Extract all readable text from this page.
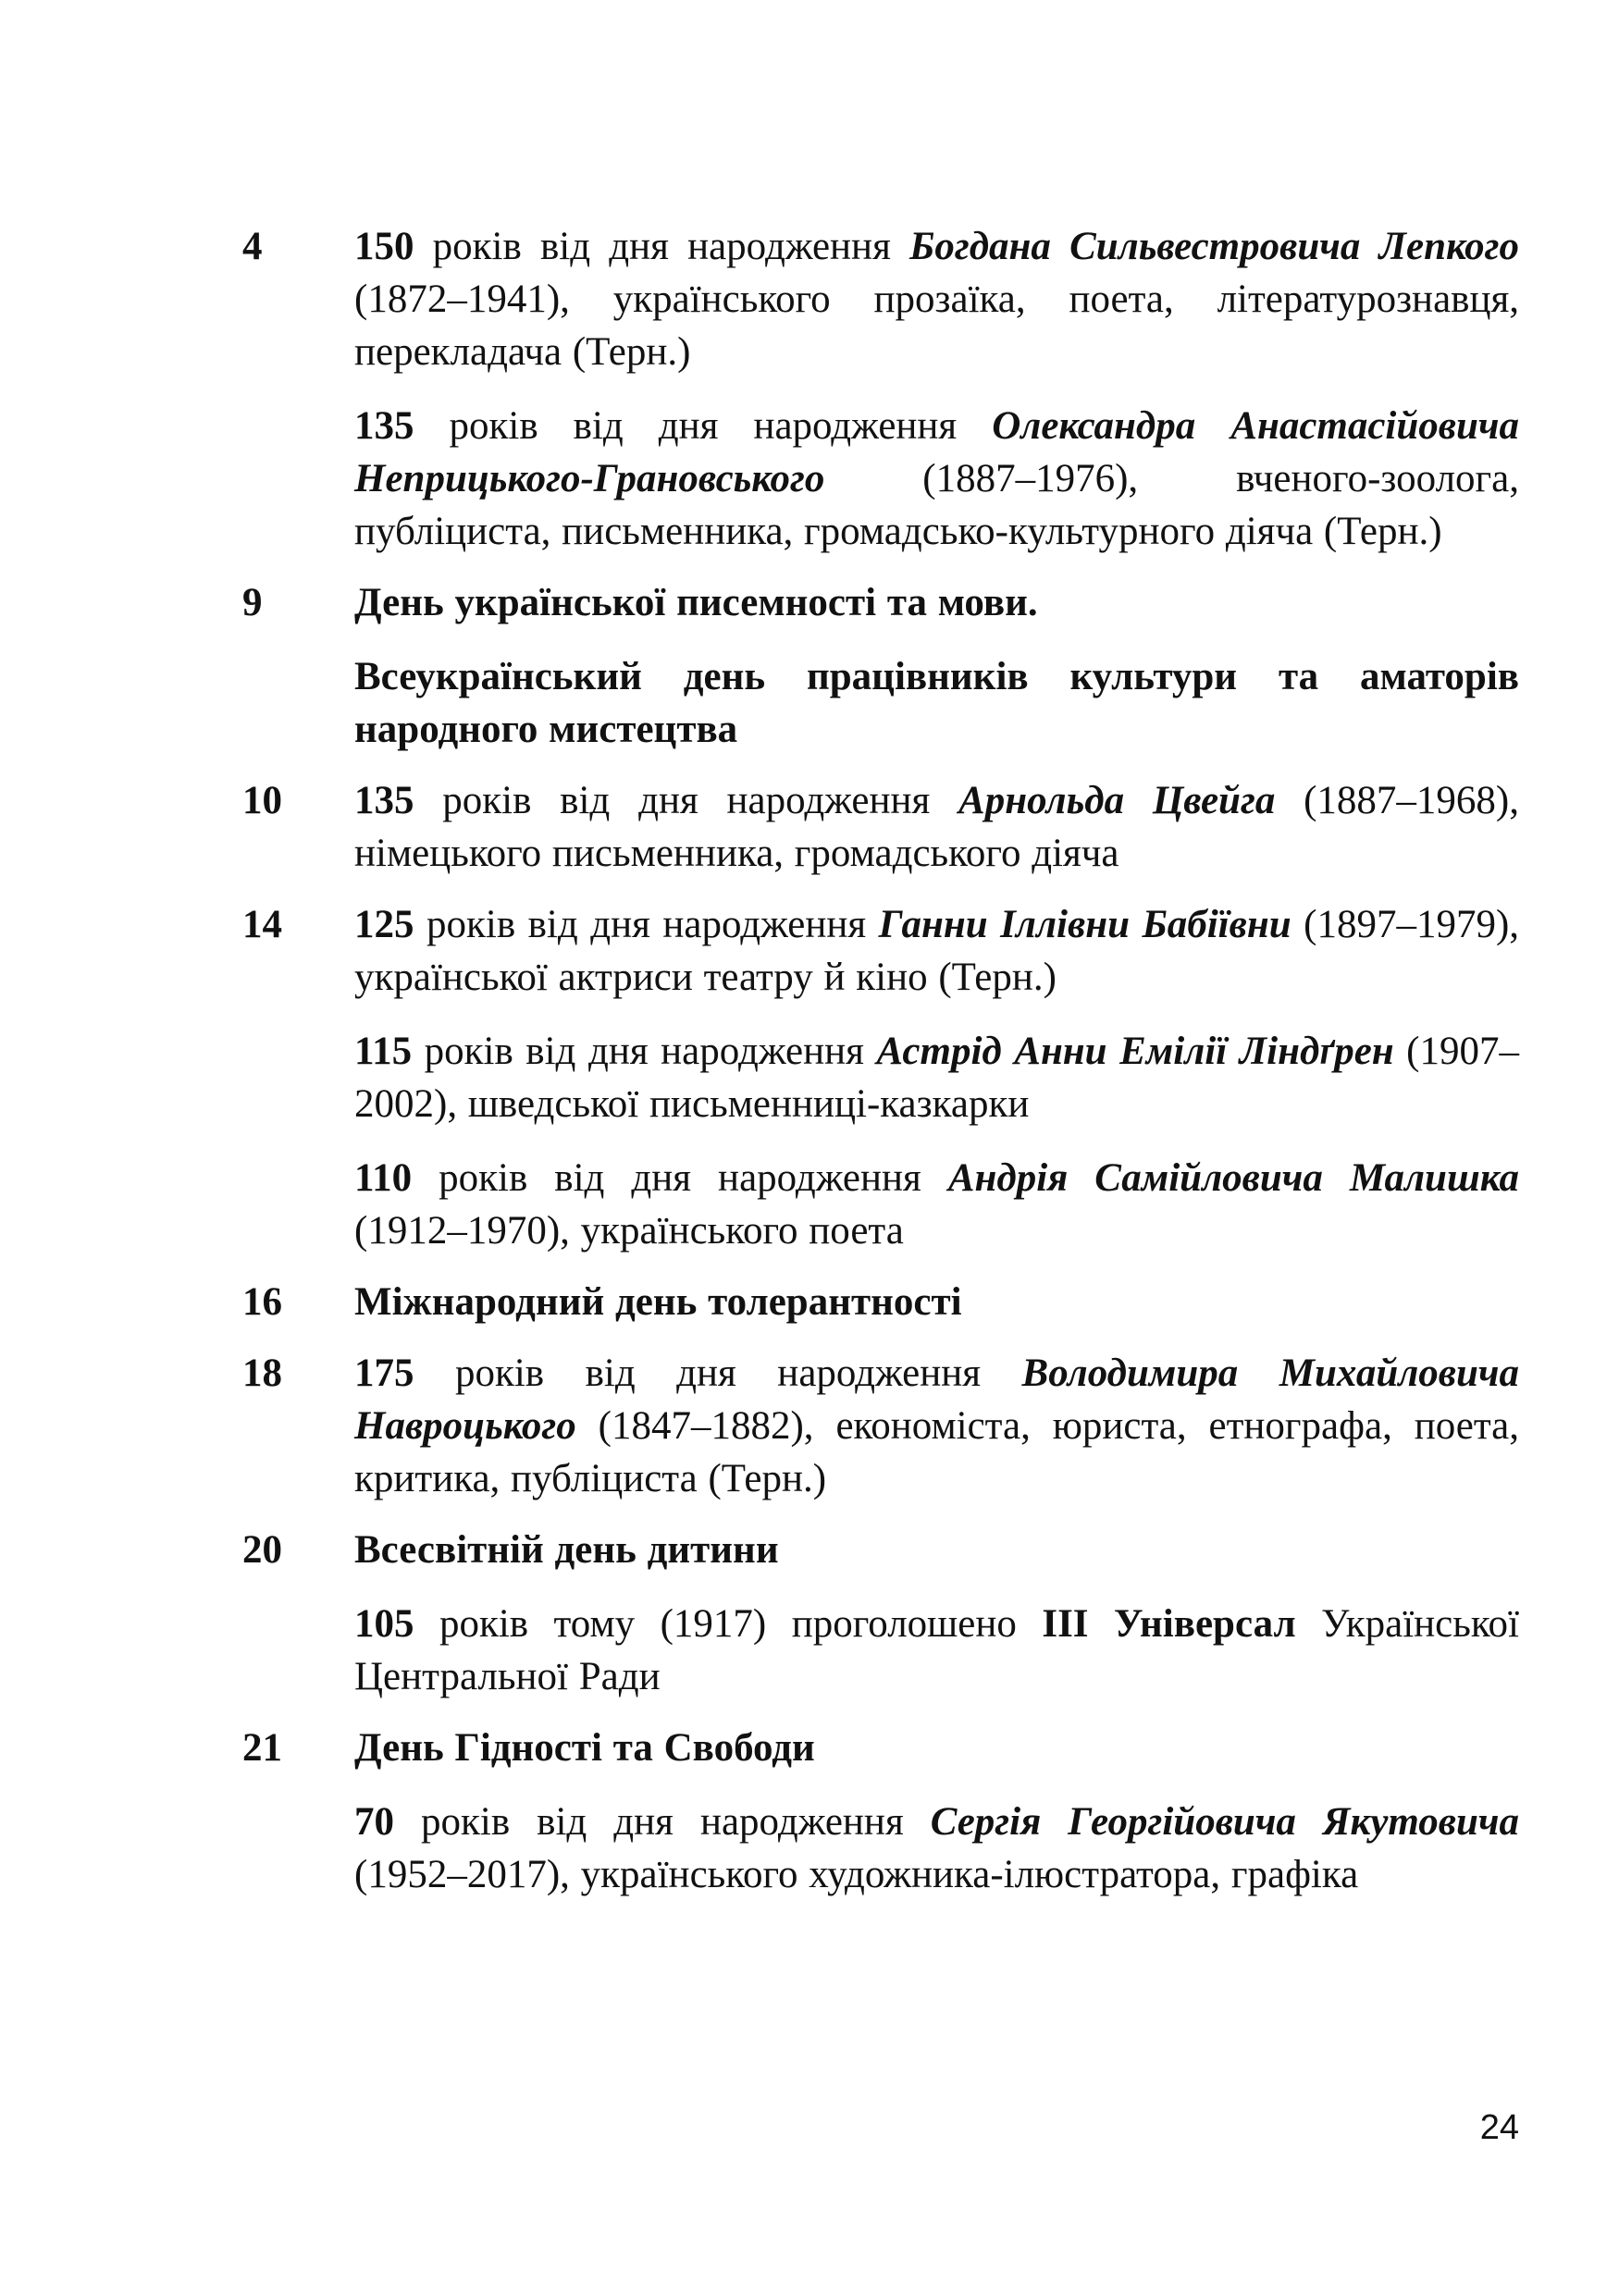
4	150 років від дня народження Богдана Сильвестровича Лепкого (1872–1941), українського прозаїка, поета, літературознавця, перекладача (Терн.)

135 років від дня народження Олександра Анастасійовича Неприцького-Грановського (1887–1976), вченого-зоолога, публіциста, письменника, громадсько-культурного діяча (Терн.)

9	День української писемності та мови.

Всеукраїнський день працівників культури та аматорів народного мистецтва

10	135 років від дня народження Арнольда Цвейга (1887–1968), німецького письменника, громадського діяча

14	125 років від дня народження Ганни Іллівни Бабіївни (1897–1979), української актриси театру й кіно (Терн.)

115 років від дня народження Астрід Анни Емілії Ліндґрен (1907–2002), шведської письменниці-казкарки

110 років від дня народження Андрія Самійловича Малишка (1912–1970), українського поета

16	Міжнародний день толерантності

18	175 років від дня народження Володимира Михайловича Навроцького (1847–1882), економіста, юриста, етнографа, поета, критика, публіциста (Терн.)

20	Всесвітній день дитини

105 років тому (1917) проголошено ІІІ Універсал Української Центральної Ради

21	День Гідності та Свободи

70 років від дня народження Сергія Георгійовича Якутовича (1952–2017), українського художника-ілюстратора, графіка

24
